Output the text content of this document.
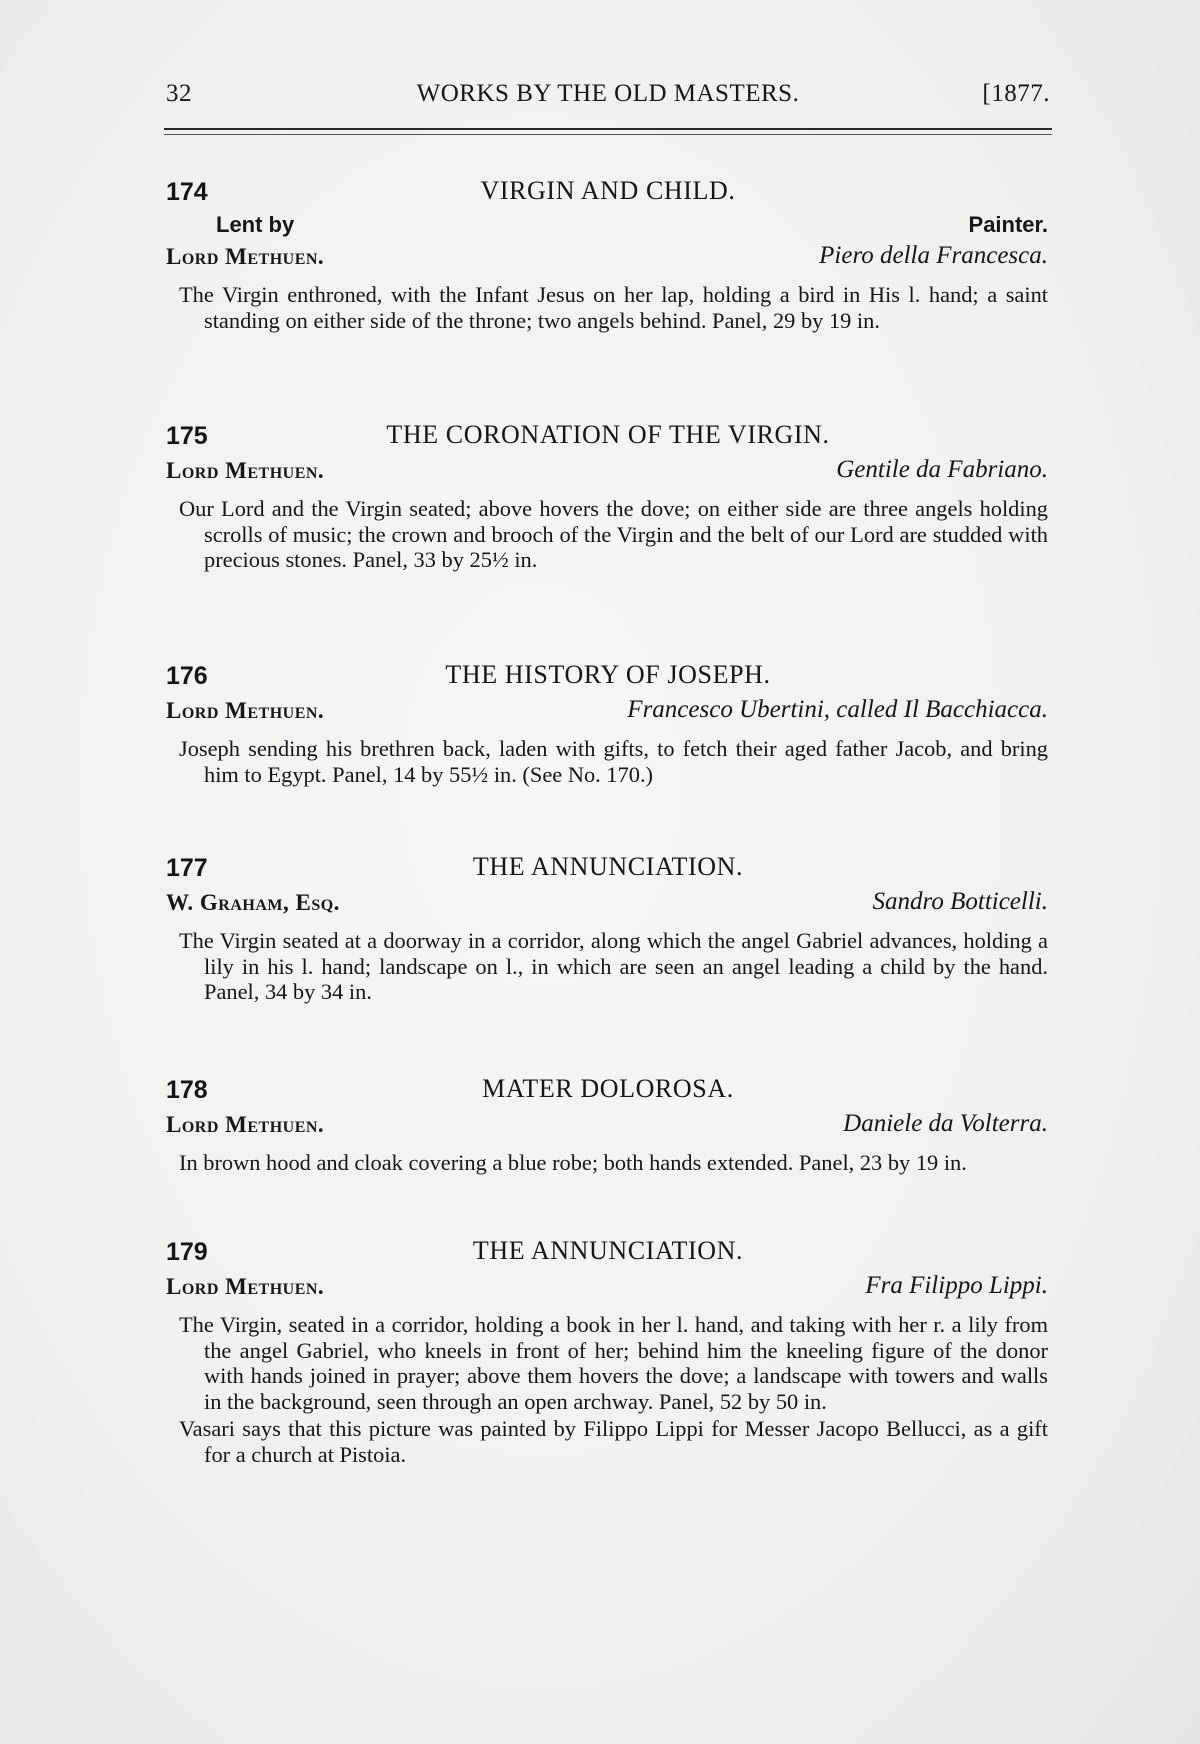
32	WORKS BY THE OLD MASTERS.	[1877.
174	VIRGIN AND CHILD.
Lent by	Painter.
Lord Methuen.	Piero della Francesca.
The Virgin enthroned, with the Infant Jesus on her lap, holding a bird in His l. hand; a saint standing on either side of the throne; two angels behind. Panel, 29 by 19 in.
175	THE CORONATION OF THE VIRGIN.
Lord Methuen.	Gentile da Fabriano.
Our Lord and the Virgin seated; above hovers the dove; on either side are three angels holding scrolls of music; the crown and brooch of the Virgin and the belt of our Lord are studded with precious stones. Panel, 33 by 25½ in.
176	THE HISTORY OF JOSEPH.
Lord Methuen.	Francesco Ubertini, called Il Bacchiacca.
Joseph sending his brethren back, laden with gifts, to fetch their aged father Jacob, and bring him to Egypt. Panel, 14 by 55½ in. (See No. 170.)
177	THE ANNUNCIATION.
W. Graham, Esq.	Sandro Botticelli.
The Virgin seated at a doorway in a corridor, along which the angel Gabriel advances, holding a lily in his l. hand; landscape on l., in which are seen an angel leading a child by the hand. Panel, 34 by 34 in.
178	MATER DOLOROSA.
Lord Methuen.	Daniele da Volterra.
In brown hood and cloak covering a blue robe; both hands extended. Panel, 23 by 19 in.
179	THE ANNUNCIATION.
Lord Methuen.	Fra Filippo Lippi.
The Virgin, seated in a corridor, holding a book in her l. hand, and taking with her r. a lily from the angel Gabriel, who kneels in front of her; behind him the kneeling figure of the donor with hands joined in prayer; above them hovers the dove; a landscape with towers and walls in the background, seen through an open archway. Panel, 52 by 50 in.
Vasari says that this picture was painted by Filippo Lippi for Messer Jacopo Bellucci, as a gift for a church at Pistoia.
